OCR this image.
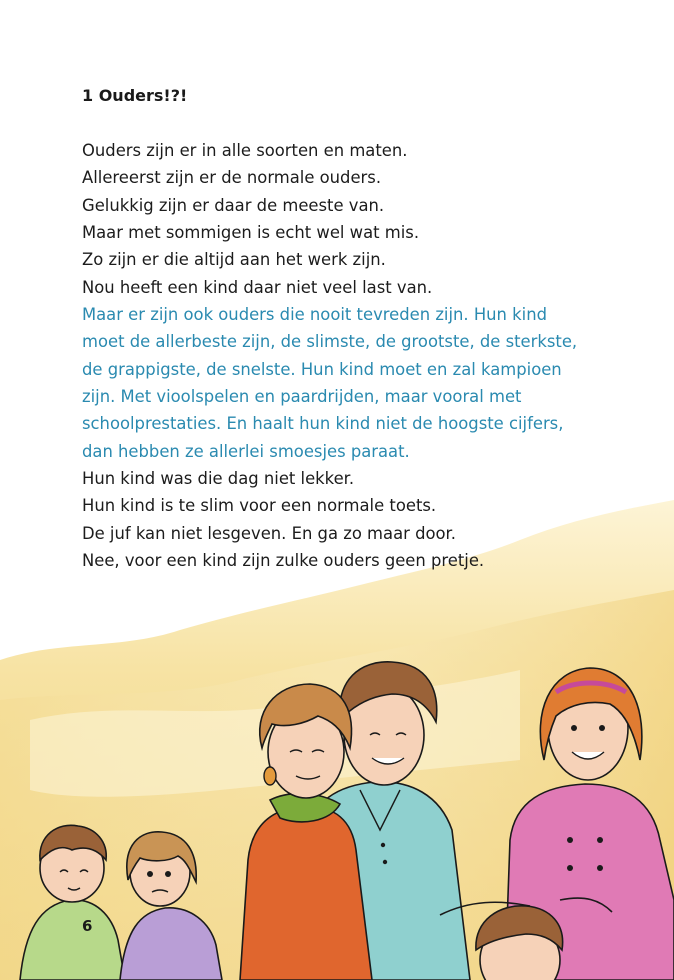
1 Ouders!?!
Ouders zijn er in alle soorten en maten.
Allereerst zijn er de normale ouders.
Gelukkig zijn er daar de meeste van.
Maar met sommigen is echt wel wat mis.
Zo zijn er die altijd aan het werk zijn.
Nou heeft een kind daar niet veel last van.
Maar er zijn ook ouders die nooit tevreden zijn. Hun kind
moet de allerbeste zijn, de slimste, de grootste, de sterkste,
de grappigste, de snelste. Hun kind moet en zal kampioen
zijn. Met vioolspelen en paardrijden, maar vooral met
schoolprestaties. En haalt hun kind niet de hoogste cijfers,
dan hebben ze allerlei smoesjes paraat.
Hun kind was die dag niet lekker.
Hun kind is te slim voor een normale toets.
De juf kan niet lesgeven. En ga zo maar door.
Nee, voor een kind zijn zulke ouders geen pretje.
6
